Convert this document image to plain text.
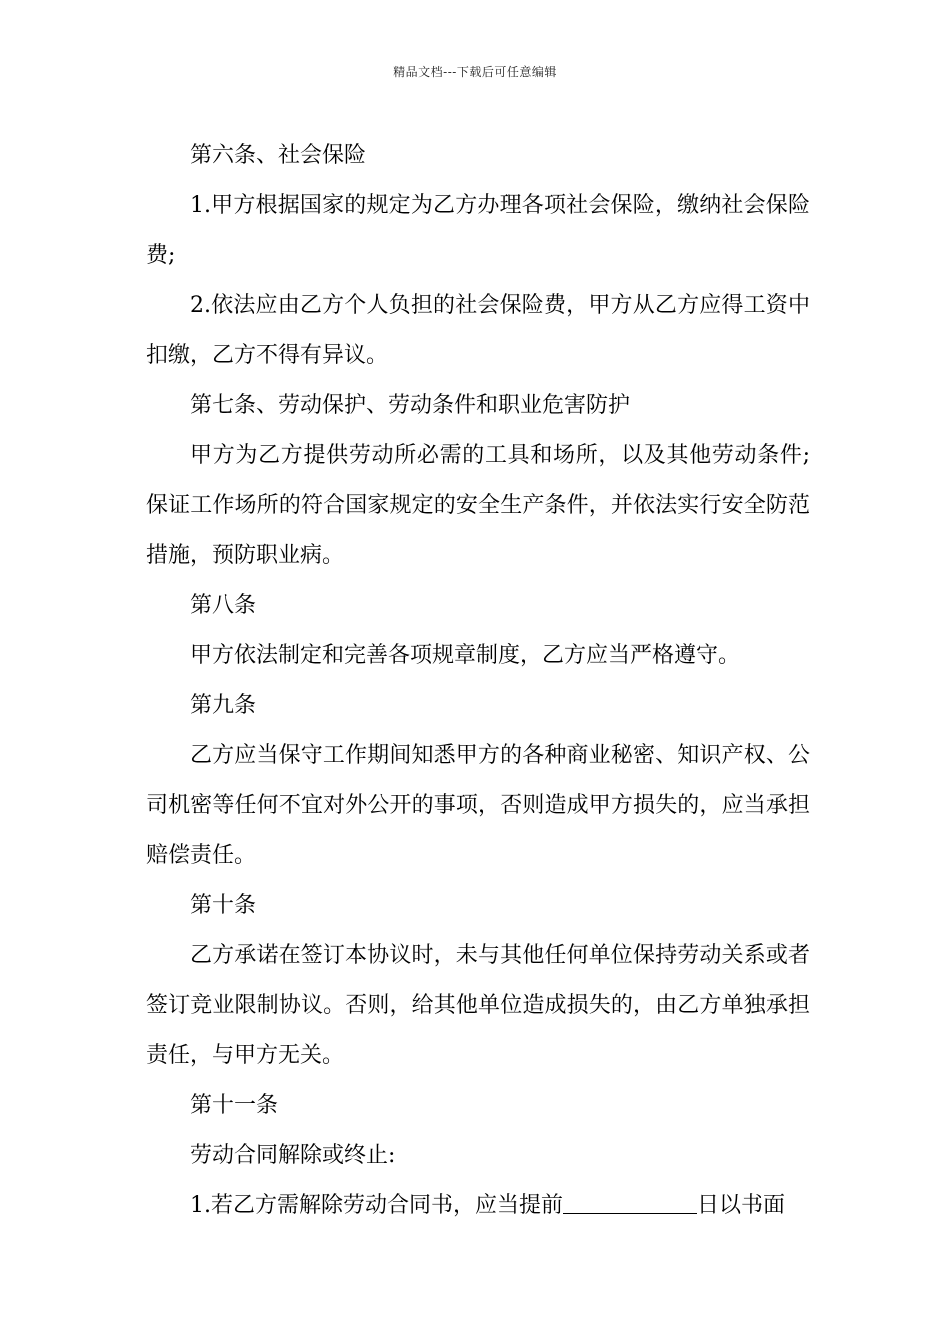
精品文档---下载后可任意编辑

第六条、社会保险

1.甲方根据国家的规定为乙方办理各项社会保险，缴纳社会保险费;

2.依法应由乙方个人负担的社会保险费，甲方从乙方应得工资中扣缴，乙方不得有异议。

第七条、劳动保护、劳动条件和职业危害防护

甲方为乙方提供劳动所必需的工具和场所，以及其他劳动条件;保证工作场所的符合国家规定的安全生产条件，并依法实行安全防范措施，预防职业病。

第八条

甲方依法制定和完善各项规章制度，乙方应当严格遵守。

第九条

乙方应当保守工作期间知悉甲方的各种商业秘密、知识产权、公司机密等任何不宜对外公开的事项，否则造成甲方损失的，应当承担赔偿责任。

第十条

乙方承诺在签订本协议时，未与其他任何单位保持劳动关系或者签订竞业限制协议。否则，给其他单位造成损失的，由乙方单独承担责任，与甲方无关。

第十一条

劳动合同解除或终止:

1.若乙方需解除劳动合同书，应当提前	日以书面
